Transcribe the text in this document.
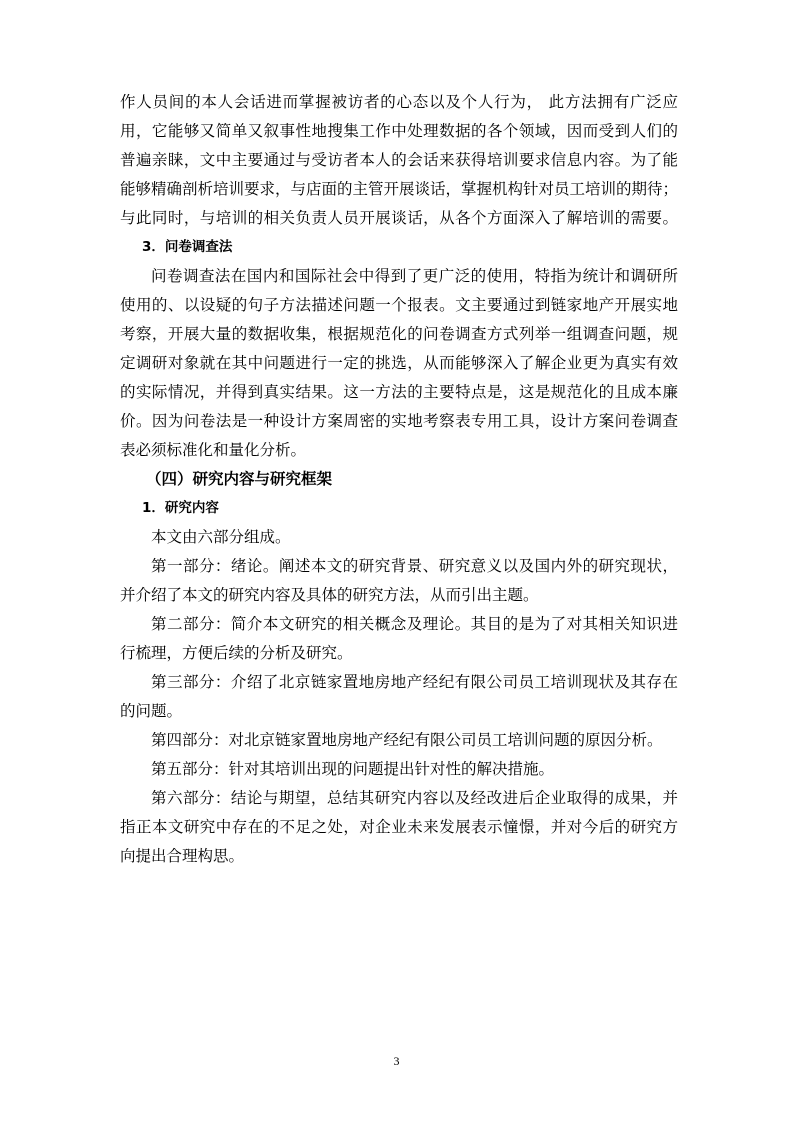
作人员间的本人会话进而掌握被访者的心态以及个人行为， 此方法拥有广泛应
用，它能够又简单又叙事性地搜集工作中处理数据的各个领域，因而受到人们的
普遍亲睐，文中主要通过与受访者本人的会话来获得培训要求信息内容。为了能
能够精确剖析培训要求，与店面的主管开展谈话，掌握机构针对员工培训的期待；
与此同时，与培训的相关负责人员开展谈话，从各个方面深入了解培训的需要。
3．问卷调查法
问卷调查法在国内和国际社会中得到了更广泛的使用，特指为统计和调研所
使用的、以设疑的句子方法描述问题一个报表。文主要通过到链家地产开展实地
考察，开展大量的数据收集，根据规范化的问卷调查方式列举一组调查问题，规
定调研对象就在其中问题进行一定的挑选，从而能够深入了解企业更为真实有效
的实际情况，并得到真实结果。这一方法的主要特点是，这是规范化的且成本廉
价。因为问卷法是一种设计方案周密的实地考察表专用工具，设计方案问卷调查
表必须标准化和量化分析。
（四）研究内容与研究框架
1．研究内容
本文由六部分组成。
第一部分：绪论。阐述本文的研究背景、研究意义以及国内外的研究现状，
并介绍了本文的研究内容及具体的研究方法，从而引出主题。
第二部分：简介本文研究的相关概念及理论。其目的是为了对其相关知识进
行梳理，方便后续的分析及研究。
第三部分：介绍了北京链家置地房地产经纪有限公司员工培训现状及其存在
的问题。
第四部分：对北京链家置地房地产经纪有限公司员工培训问题的原因分析。
第五部分：针对其培训出现的问题提出针对性的解决措施。
第六部分：结论与期望，总结其研究内容以及经改进后企业取得的成果，并
指正本文研究中存在的不足之处，对企业未来发展表示憧憬，并对今后的研究方
向提出合理构思。
3
